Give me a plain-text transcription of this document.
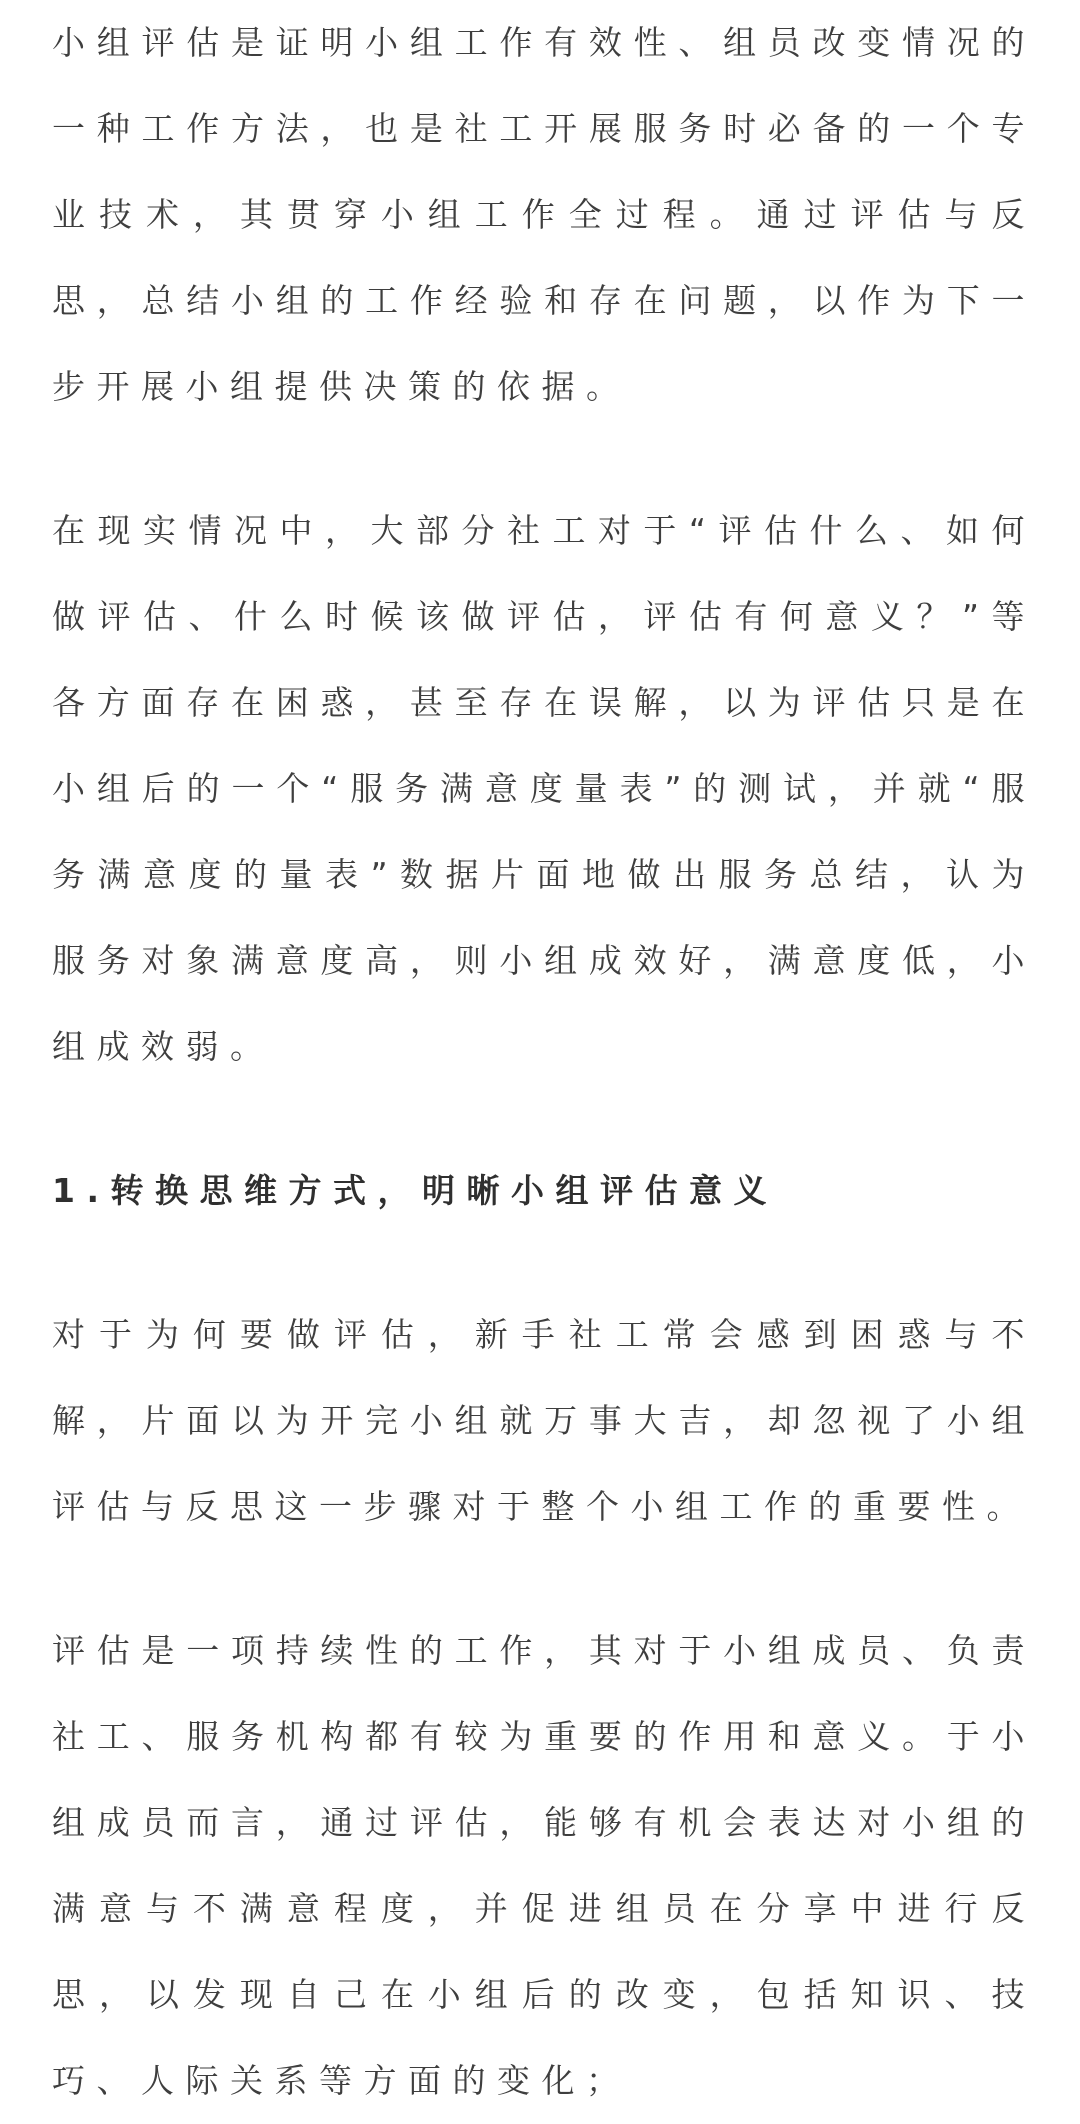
小组评估是证明小组工作有效性、组员改变情况的一种工作方法，也是社工开展服务时必备的一个专业技术，其贯穿小组工作全过程。通过评估与反思，总结小组的工作经验和存在问题，以作为下一步开展小组提供决策的依据。

在现实情况中，大部分社工对于“评估什么、如何做评估、什么时候该做评估，评估有何意义？”等各方面存在困惑，甚至存在误解，以为评估只是在小组后的一个“服务满意度量表”的测试，并就“服务满意度的量表”数据片面地做出服务总结，认为服务对象满意度高，则小组成效好，满意度低，小组成效弱。

1.转换思维方式，明晰小组评估意义

对于为何要做评估，新手社工常会感到困惑与不解，片面以为开完小组就万事大吉，却忽视了小组评估与反思这一步骤对于整个小组工作的重要性。

评估是一项持续性的工作，其对于小组成员、负责社工、服务机构都有较为重要的作用和意义。于小组成员而言，通过评估，能够有机会表达对小组的满意与不满意程度，并促进组员在分享中进行反思，以发现自己在小组后的改变，包括知识、技巧、人际关系等方面的变化；
